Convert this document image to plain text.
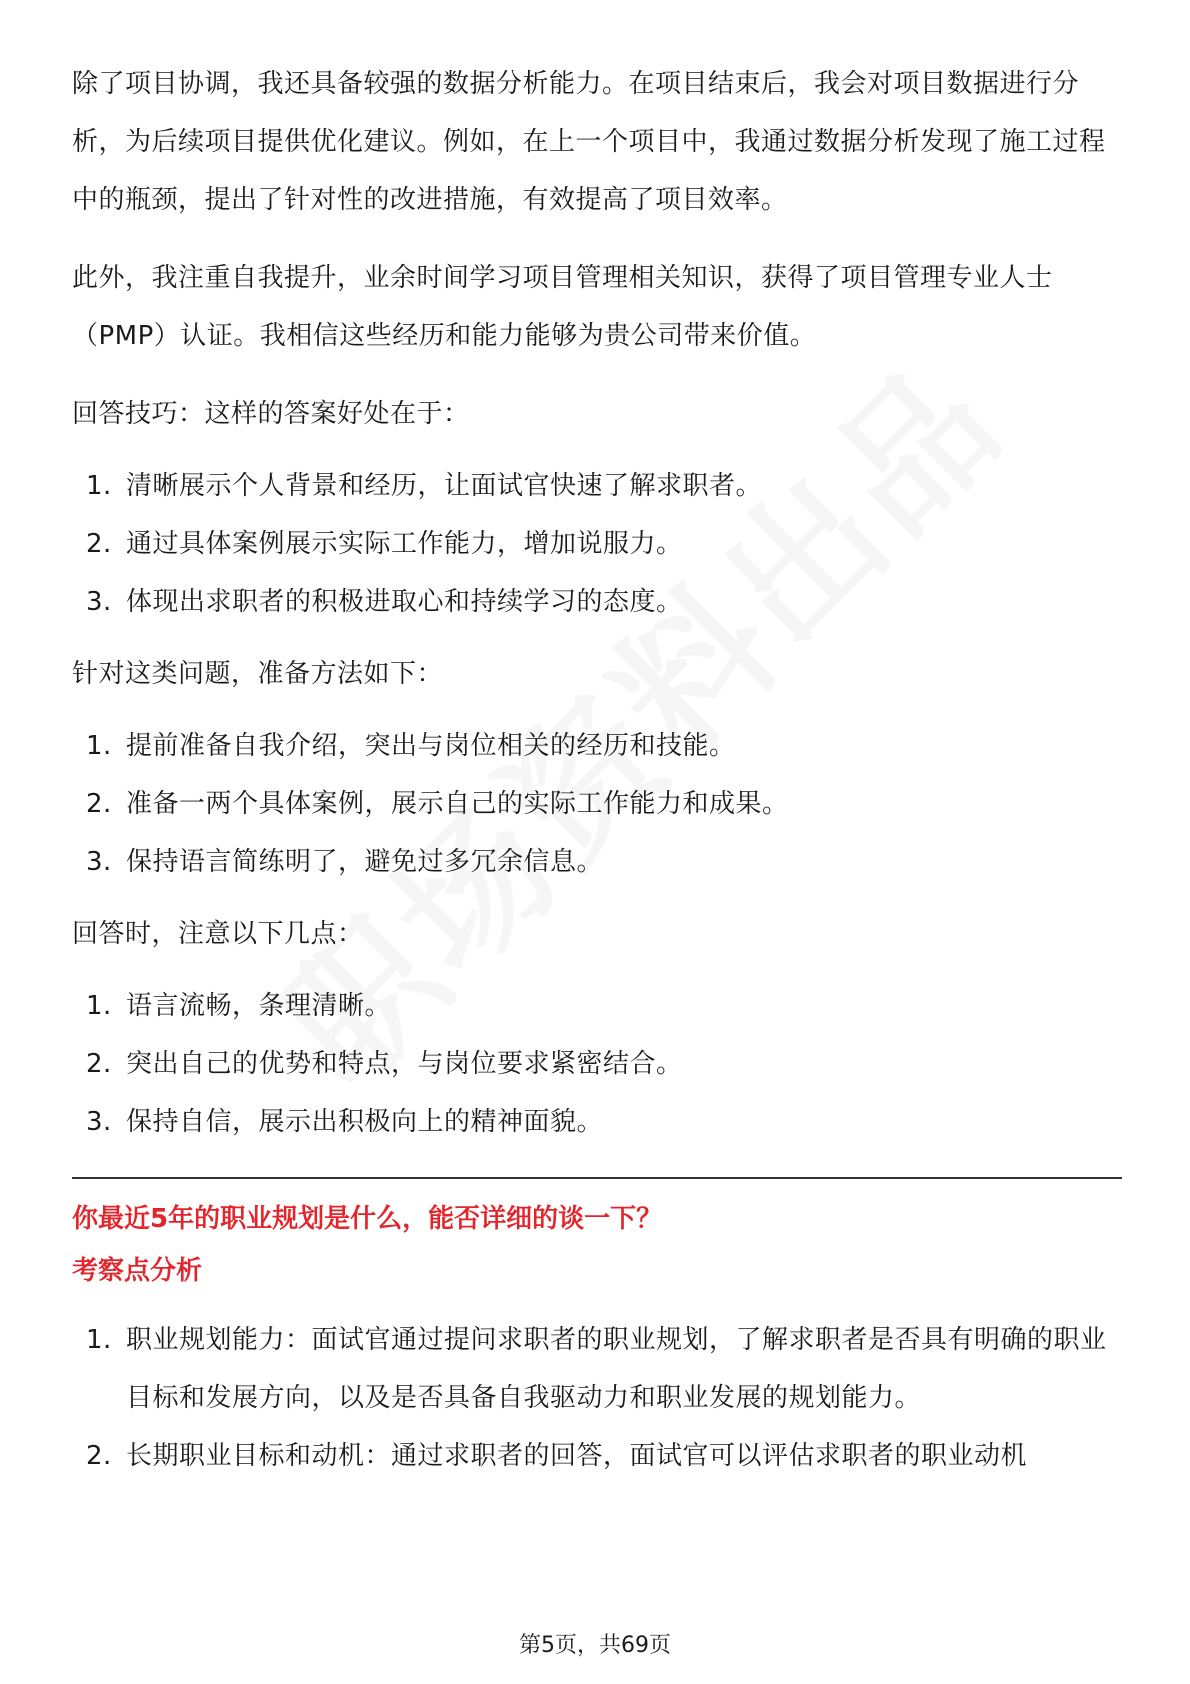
除了项目协调，我还具备较强的数据分析能力。在项目结束后，我会对项目数据进行分析，为后续项目提供优化建议。例如，在上一个项目中，我通过数据分析发现了施工过程中的瓶颈，提出了针对性的改进措施，有效提高了项目效率。

此外，我注重自我提升，业余时间学习项目管理相关知识，获得了项目管理专业人士（PMP）认证。我相信这些经历和能力能够为贵公司带来价值。

回答技巧：这样的答案好处在于：

1. 清晰展示个人背景和经历，让面试官快速了解求职者。
2. 通过具体案例展示实际工作能力，增加说服力。
3. 体现出求职者的积极进取心和持续学习的态度。

针对这类问题，准备方法如下：

1. 提前准备自我介绍，突出与岗位相关的经历和技能。
2. 准备一两个具体案例，展示自己的实际工作能力和成果。
3. 保持语言简练明了，避免过多冗余信息。

回答时，注意以下几点：

1. 语言流畅，条理清晰。
2. 突出自己的优势和特点，与岗位要求紧密结合。
3. 保持自信，展示出积极向上的精神面貌。

你最近5年的职业规划是什么，能否详细的谈一下？

考察点分析

1. 职业规划能力：面试官通过提问求职者的职业规划，了解求职者是否具有明确的职业目标和发展方向，以及是否具备自我驱动力和职业发展的规划能力。
2. 长期职业目标和动机：通过求职者的回答，面试官可以评估求职者的职业动机
第5页，共69页
